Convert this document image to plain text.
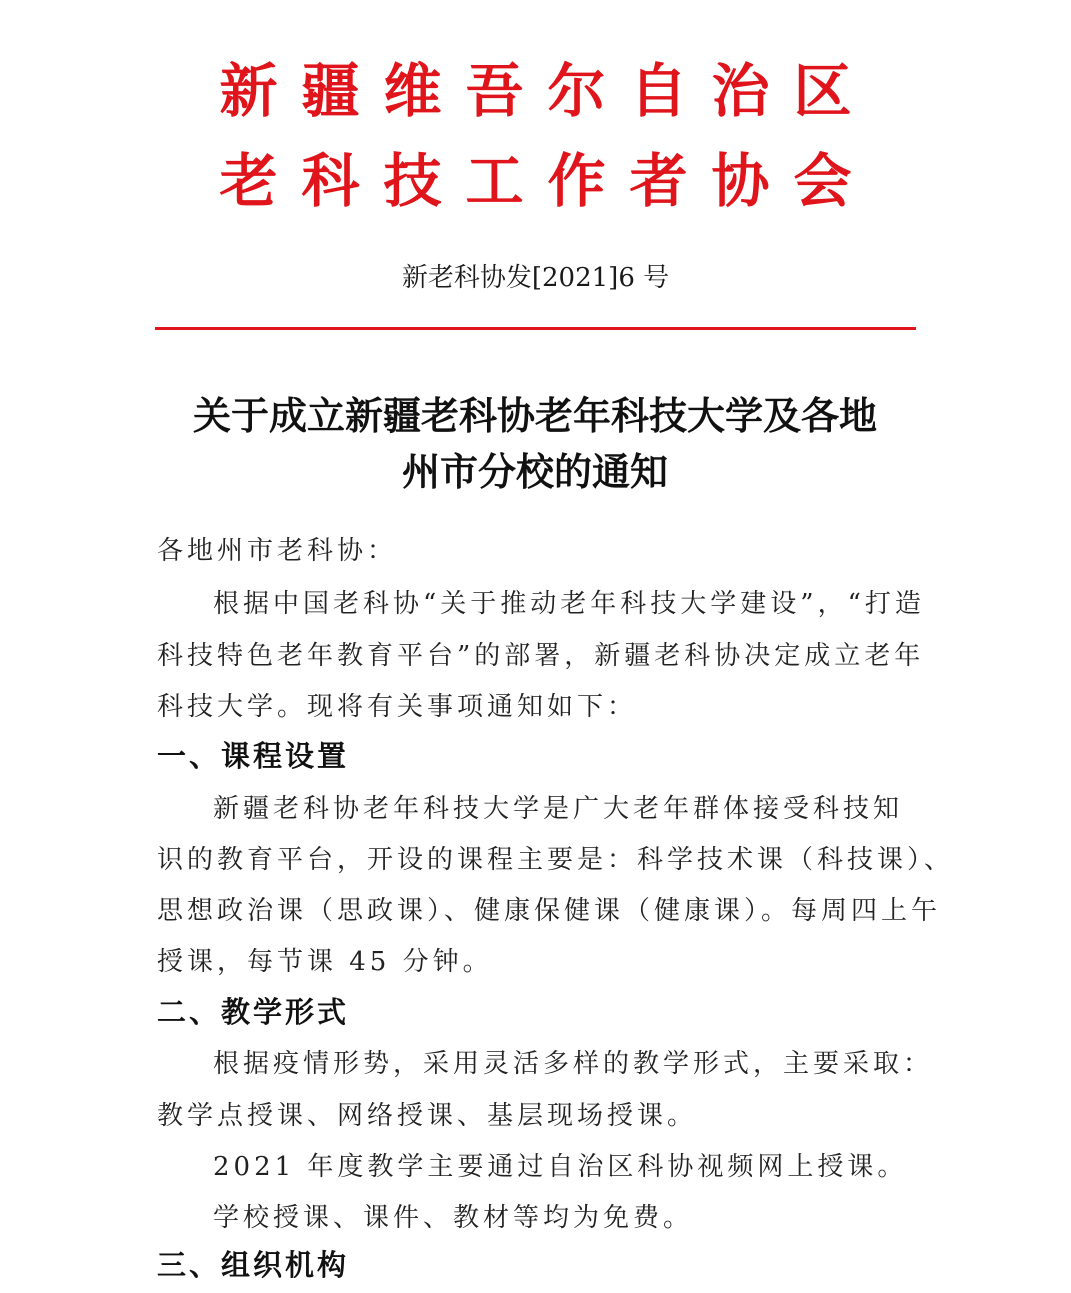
新疆维吾尔自治区
老科技工作者协会
新老科协发[2021]6 号
关于成立新疆老科协老年科技大学及各地
州市分校的通知
各地州市老科协：
根据中国老科协“关于推动老年科技大学建设”，“打造
科技特色老年教育平台”的部署，新疆老科协决定成立老年
科技大学。现将有关事项通知如下：
一、课程设置
新疆老科协老年科技大学是广大老年群体接受科技知
识的教育平台，开设的课程主要是：科学技术课（科技课）、
思想政治课（思政课）、健康保健课（健康课）。每周四上午
授课，每节课 45 分钟。
二、教学形式
根据疫情形势，采用灵活多样的教学形式，主要采取：
教学点授课、网络授课、基层现场授课。
2021 年度教学主要通过自治区科协视频网上授课。
学校授课、课件、教材等均为免费。
三、组织机构
